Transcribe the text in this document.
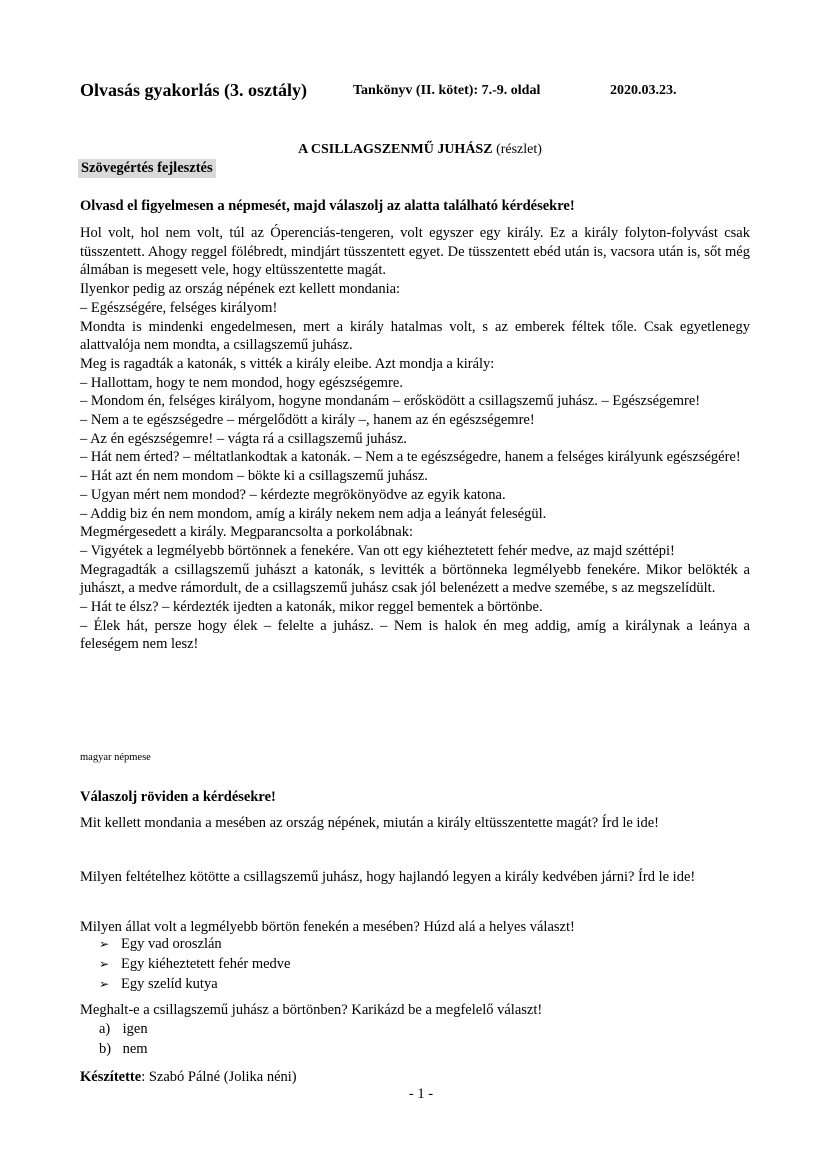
Olvasás gyakorlás (3. osztály)	Tankönyv (II. kötet): 7.-9. oldal	2020.03.23.
A CSILLAGSZENMŰ JUHÁSZ (részlet)
Szövegértés fejlesztés
Olvasd el figyelmesen a népmesét, majd válaszolj az alatta található kérdésekre!

Hol volt, hol nem volt, túl az Óperenciás-tengeren, volt egyszer egy király. Ez a király folyton-folyvást csak tüsszentett. Ahogy reggel fölébredt, mindjárt tüsszentett egyet. De tüsszentett ebéd után is, vacsora után is, sőt még álmában is megesett vele, hogy eltüsszentette magát.

Ilyenkor pedig az ország népének ezt kellett mondania:

– Egészségére, felséges királyom!

Mondta is mindenki engedelmesen, mert a király hatalmas volt, s az emberek féltek tőle. Csak egyetlenegy alattvalója nem mondta, a csillagszemű juhász.

Meg is ragadták a katonák, s vitték a király eleibe. Azt mondja a király:

– Hallottam, hogy te nem mondod, hogy egészségemre.

– Mondom én, felséges királyom, hogyne mondanám – erősködött a csillagszemű juhász. – Egészségemre!

– Nem a te egészségedre – mérgelődött a király –, hanem az én egészségemre!

– Az én egészségemre! – vágta rá a csillagszemű juhász.

– Hát nem érted? – méltatlankodtak a katonák. – Nem a te egészségedre, hanem a felséges királyunk egészségére!

– Hát azt én nem mondom – bökte ki a csillagszemű juhász.

– Ugyan mért nem mondod? – kérdezte megrökönyödve az egyik katona.

– Addig biz én nem mondom, amíg a király nekem nem adja a leányát feleségül.

Megmérgesedett a király. Megparancsolta a porkolábnak:

– Vigyétek a legmélyebb börtönnek a fenekére. Van ott egy kiéheztetett fehér medve, az majd széttépi!

Megragadták a csillagszemű juhászt a katonák, s levitték a börtönneka legmélyebb fenekére. Mikor belökték a juhászt, a medve rámordult, de a csillagszemű juhász csak jól belenézett a medve szemébe, s az megszelídült.

– Hát te élsz? – kérdezték ijedten a katonák, mikor reggel bementek a börtönbe.

– Élek hát, persze hogy élek – felelte a juhász. – Nem is halok én meg addig, amíg a királynak a leánya a feleségem nem lesz!

magyar népmese
Válaszolj röviden a kérdésekre!
Mit kellett mondania a mesében az ország népének, miután a király eltüsszentette magát? Írd le ide!
Milyen feltételhez kötötte a csillagszemű juhász, hogy hajlandó legyen a király kedvében járni? Írd le ide!
Milyen állat volt a legmélyebb börtön fenekén a mesében? Húzd alá a helyes választ!
➢ Egy vad oroszlán
➢ Egy kiéheztetett fehér medve
➢ Egy szelíd kutya
Meghalt-e a csillagszemű juhász a börtönben? Karikázd be a megfelelő választ!
a) igen
b) nem
Készítette: Szabó Pálné (Jolika néni)
- 1 -
